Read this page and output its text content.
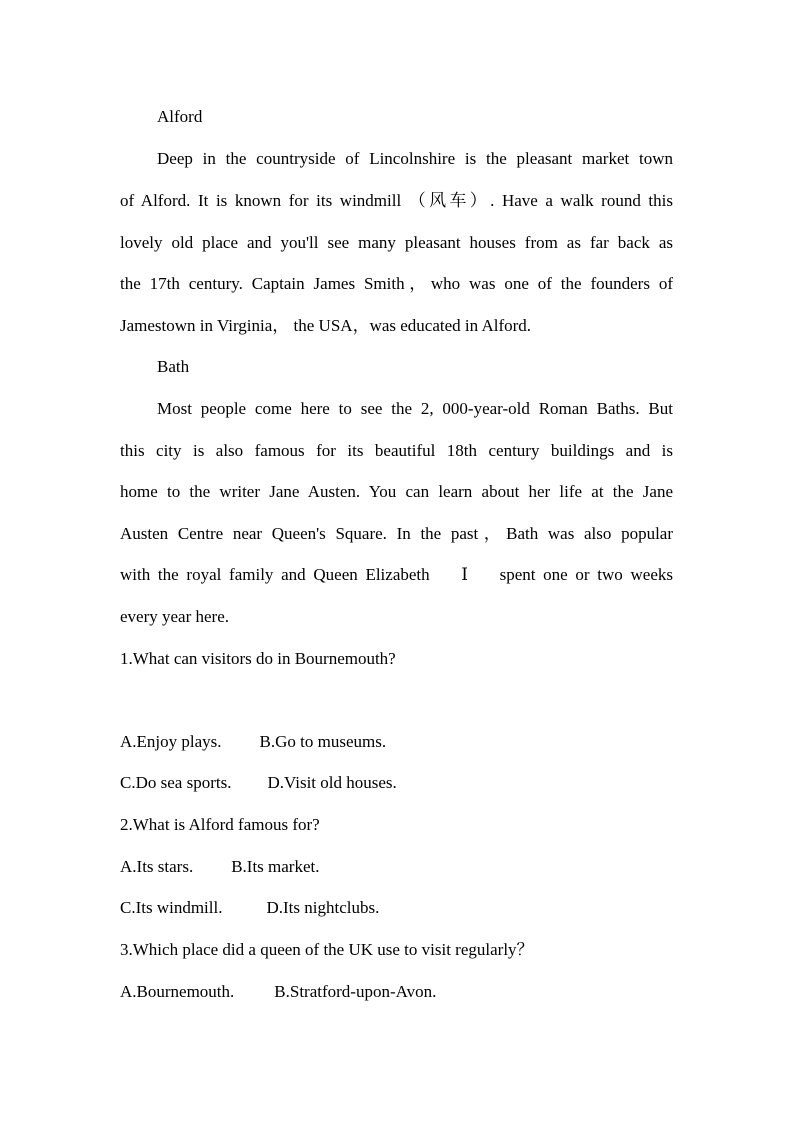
Alford
Deep in the countryside of Lincolnshire is the pleasant market town
of Alford. It is known for its windmill （风车）. Have a walk round this
lovely old place and you'll see many pleasant houses from as far back as
the 17th century. Captain James Smith，who was one of the founders of
Jamestown in Virginia， the USA，was educated in Alford.
Bath
Most people come here to see the 2, 000-year-old Roman Baths. But
this city is also famous for its beautiful 18th century buildings and is
home to the writer Jane Austen. You can learn about her life at the Jane
Austen Centre near Queen's Square. In the past，Bath was also popular
with the royal family and Queen Elizabeth　 Ⅰ 　spent one or two weeks
every year here.
1.What can visitors do in Bournemouth?
A.Enjoy plays. B.Go to museums.
C.Do sea sports. D.Visit old houses.
2.What is Alford famous for?
A.Its stars. B.Its market.
C.Its windmill.	D.Its nightclubs.
3.Which place did a queen of the UK use to visit regularly？
A.Bournemouth. B.Stratford-upon-Avon.
